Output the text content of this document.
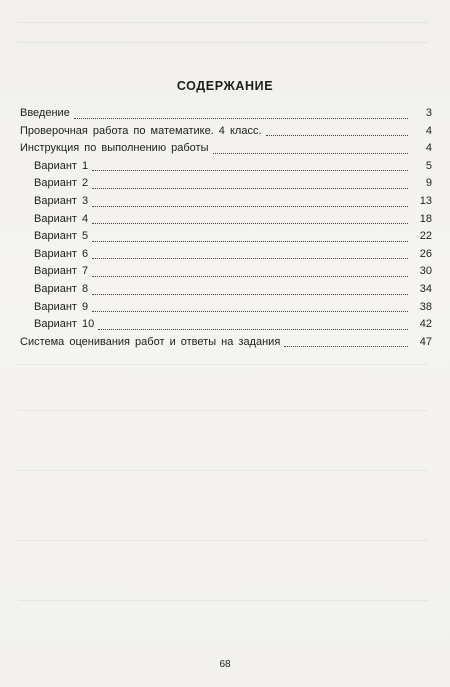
СОДЕРЖАНИЕ
Введение	3
Проверочная работа по математике. 4 класс.	4
Инструкция по выполнению работы	4
Вариант 1	5
Вариант 2	9
Вариант 3	13
Вариант 4	18
Вариант 5	22
Вариант 6	26
Вариант 7	30
Вариант 8	34
Вариант 9	38
Вариант 10	42
Система оценивания работ и ответы на задания	47
68
